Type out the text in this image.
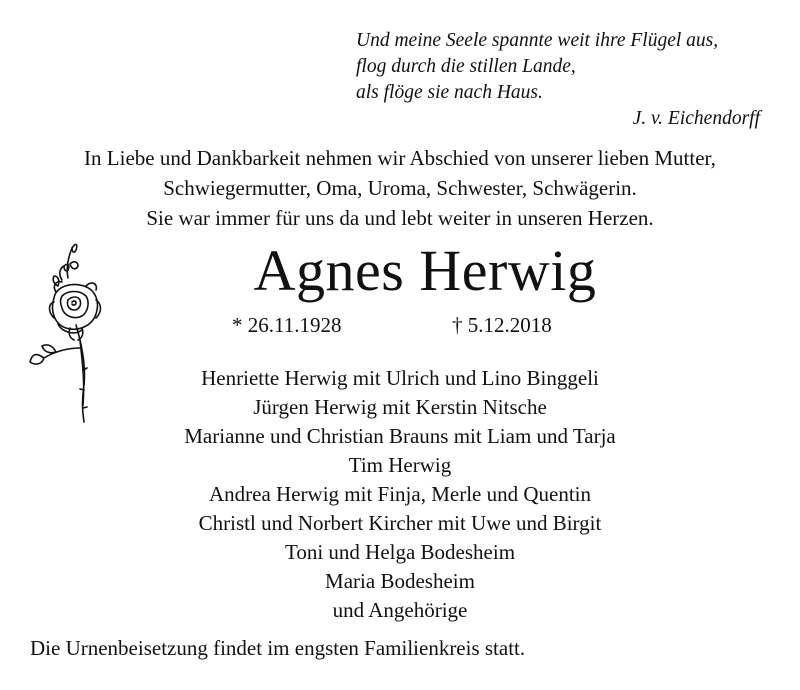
Und meine Seele spannte weit ihre Flügel aus,
flog durch die stillen Lande,
als flöge sie nach Haus.
J. v. Eichendorff
In Liebe und Dankbarkeit nehmen wir Abschied von unserer lieben Mutter,
Schwiegermutter, Oma, Uroma, Schwester, Schwägerin.
Sie war immer für uns da und lebt weiter in unseren Herzen.
Agnes Herwig
* 26.11.1928	† 5.12.2018
Henriette Herwig mit Ulrich und Lino Binggeli
Jürgen Herwig mit Kerstin Nitsche
Marianne und Christian Brauns mit Liam und Tarja
Tim Herwig
Andrea Herwig mit Finja, Merle und Quentin
Christl und Norbert Kircher mit Uwe und Birgit
Toni und Helga Bodesheim
Maria Bodesheim
und Angehörige
Die Urnenbeisetzung findet im engsten Familienkreis statt.
